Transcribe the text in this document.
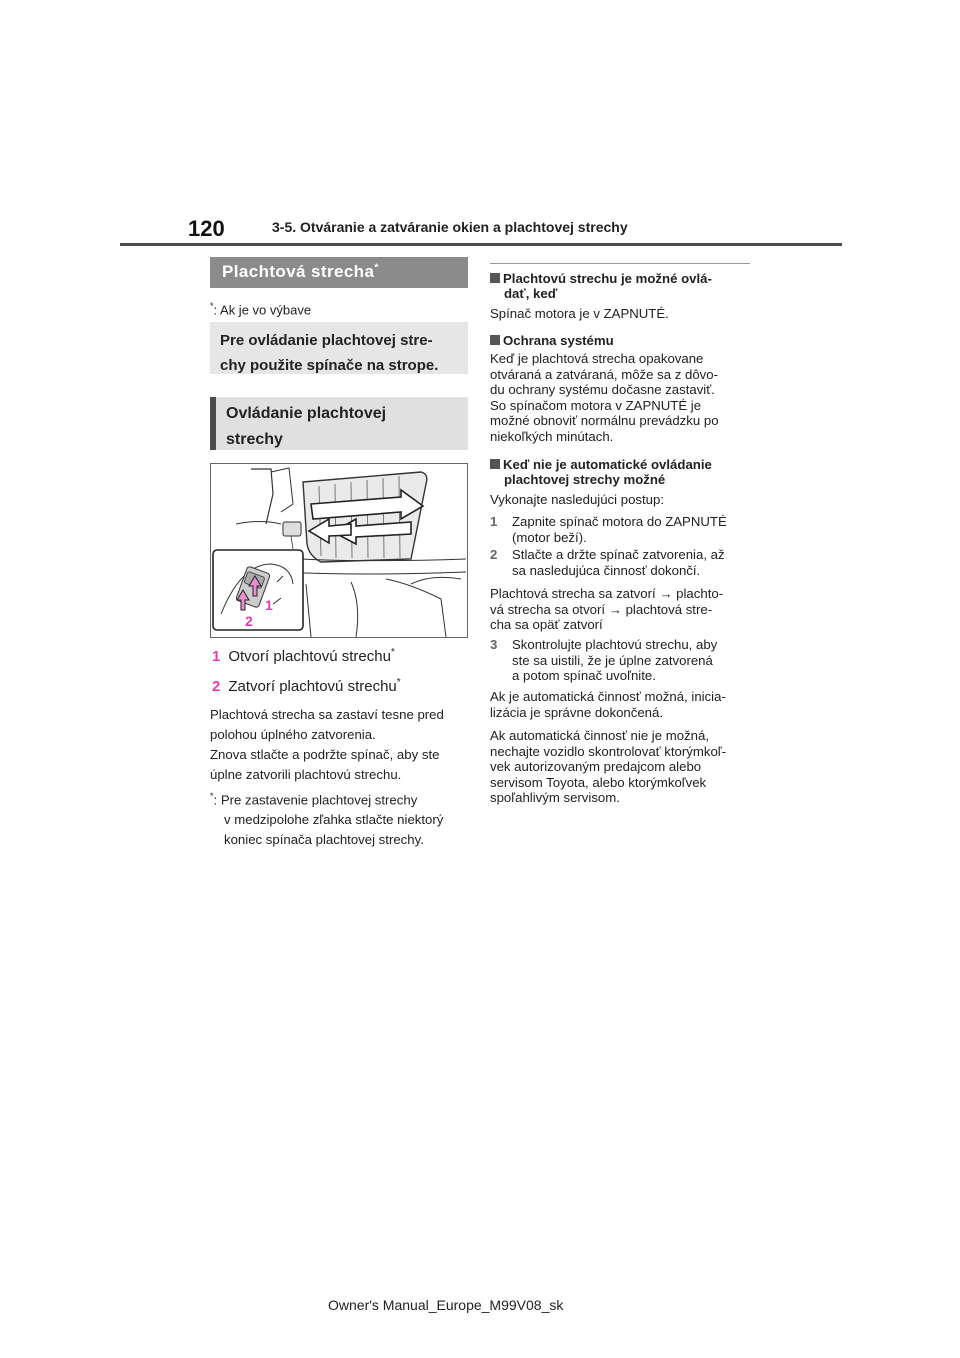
120	3-5. Otváranie a zatváranie okien a plachtovej strechy
Plachtová strecha*
*: Ak je vo výbave
Pre ovládanie plachtovej stre-
chy použite spínače na strope.
Ovládanie plachtovej
strechy
1
2
1 Otvorí plachtovú strechu*
2 Zatvorí plachtovú strechu*
Plachtová strecha sa zastaví tesne pred
polohou úplného zatvorenia.
Znova stlačte a podržte spínač, aby ste
úplne zatvorili plachtovú strechu.
*: Pre zastavenie plachtovej strechy
v medzipolohe zľahka stlačte niektorý
koniec spínača plachtovej strechy.
Plachtovú strechu je možné ovlá-
dať, keď
Spínač motora je v ZAPNUTÉ.
Ochrana systému
Keď je plachtová strecha opakovane
otváraná a zatváraná, môže sa z dôvo-
du ochrany systému dočasne zastaviť.
So spínačom motora v ZAPNUTÉ je
možné obnoviť normálnu prevádzku po
niekoľkých minútach.
Keď nie je automatické ovládanie
plachtovej strechy možné
Vykonajte nasledujúci postup:
1 Zapnite spínač motora do ZAPNUTÉ
(motor beží).
2 Stlačte a držte spínač zatvorenia, až
sa nasledujúca činnosť dokončí.
Plachtová strecha sa zatvorí → plachto-
vá strecha sa otvorí → plachtová stre-
cha sa opäť zatvorí
3 Skontrolujte plachtovú strechu, aby
ste sa uistili, že je úplne zatvorená
a potom spínač uvoľnite.
Ak je automatická činnosť možná, inicia-
lizácia je správne dokončená.
Ak automatická činnosť nie je možná,
nechajte vozidlo skontrolovať ktorýmkoľ-
vek autorizovaným predajcom alebo
servisom Toyota, alebo ktorýmkoľvek
spoľahlivým servisom.
Owner's Manual_Europe_M99V08_sk
